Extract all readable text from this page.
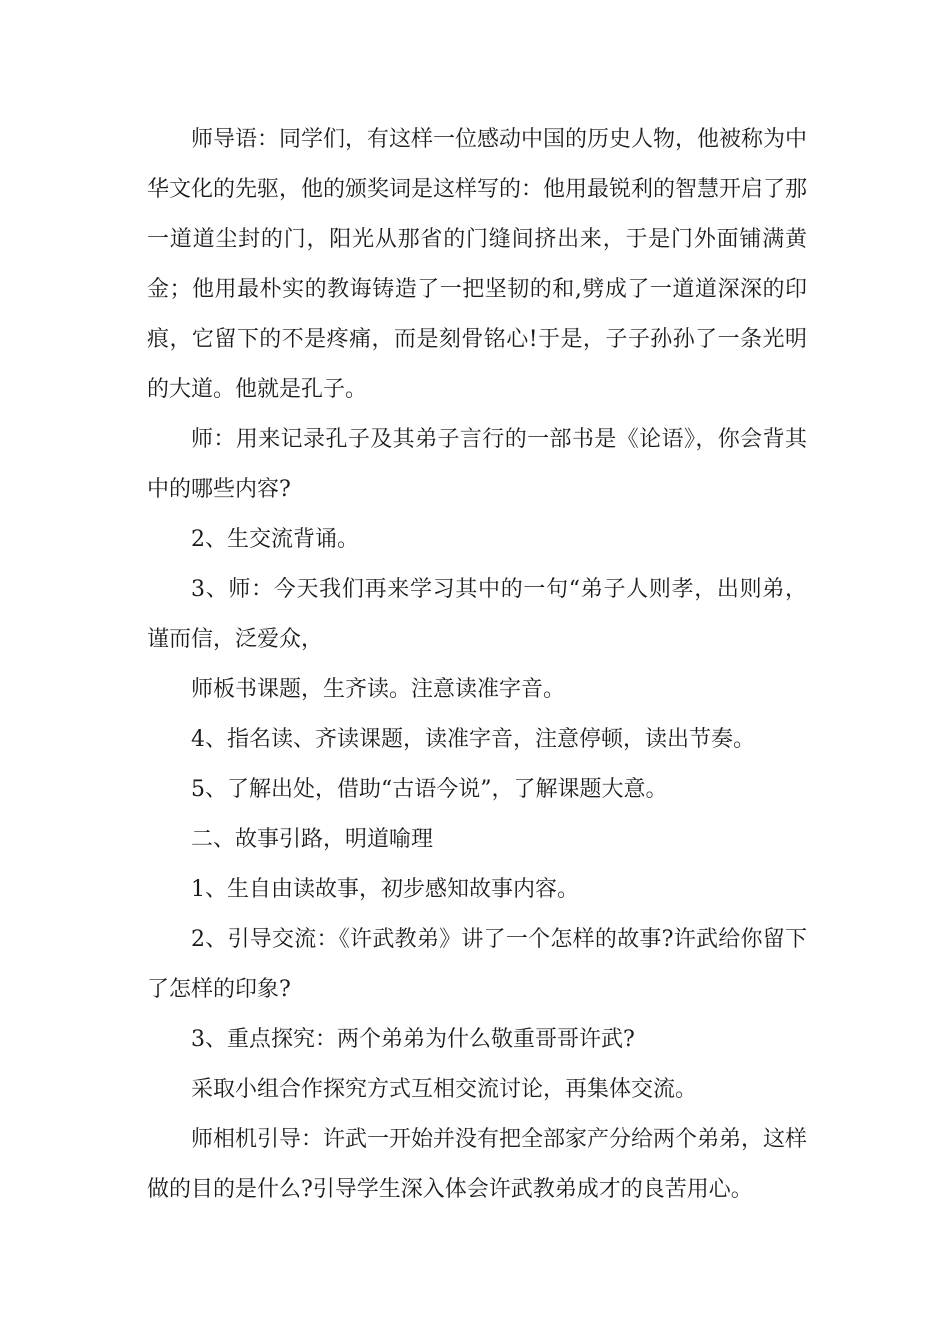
师导语：同学们，有这样一位感动中国的历史人物，他被称为中华文化的先驱，他的颁奖词是这样写的：他用最锐利的智慧开启了那一道道尘封的门，阳光从那省的门缝间挤出来，于是门外面铺满黄金；他用最朴实的教诲铸造了一把坚韧的和,劈成了一道道深深的印痕，它留下的不是疼痛，而是刻骨铭心!于是，子子孙孙了一条光明的大道。他就是孔子。

师：用来记录孔子及其弟子言行的一部书是《论语》，你会背其中的哪些内容?

2、生交流背诵。

3、师：今天我们再来学习其中的一句“弟子人则孝，出则弟，谨而信，泛爱众，

师板书课题，生齐读。注意读准字音。

4、指名读、齐读课题，读准字音，注意停顿，读出节奏。

5、了解出处，借助“古语今说”，了解课题大意。

二、故事引路，明道喻理

1、生自由读故事，初步感知故事内容。

2、引导交流：《许武教弟》讲了一个怎样的故事?许武给你留下了怎样的印象?

3、重点探究：两个弟弟为什么敬重哥哥许武?

采取小组合作探究方式互相交流讨论，再集体交流。

师相机引导：许武一开始并没有把全部家产分给两个弟弟，这样做的目的是什么?引导学生深入体会许武教弟成才的良苦用心。
